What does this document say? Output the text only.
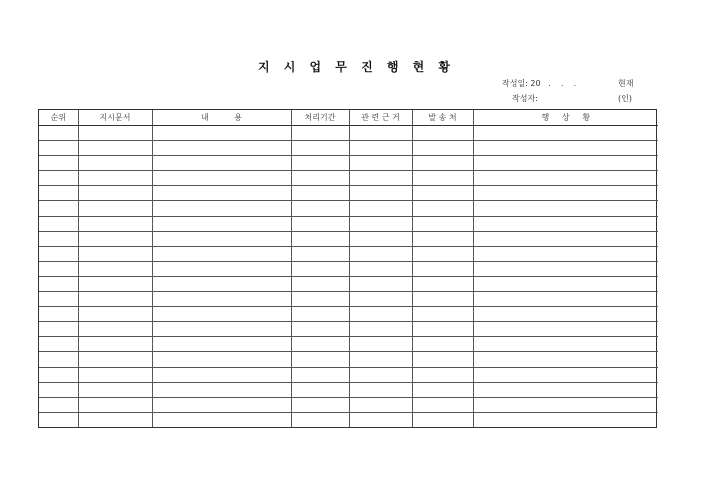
지 시 업 무 진 행 현 황
작성일: 20   .    .    .	현재
작성자:	(인)
순위	지시문서	내          용	처리기간	관 련 근 거	발 송 처	행     상     황
